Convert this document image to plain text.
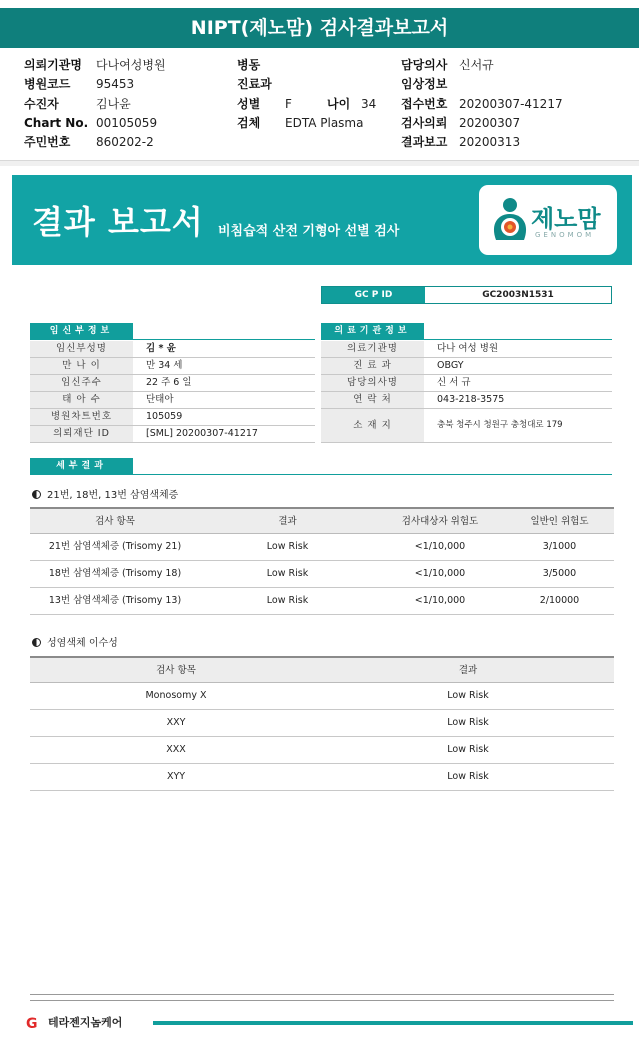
NIPT(제노맘) 검사결과보고서
의뢰기관명 다나여성병원
병원코드 95453
수진자	김나윤
Chart No. 00105059
주민번호 860202-2
병동
진료과
성별 F	나이 34
검체 EDTA Plasma
담당의사 신서규
임상정보
접수번호 20200307-41217
검사의뢰 20200307
결과보고 20200313
결과 보고서 비침습적 산전 기형아 선별 검사	제노맘
GENOMOM
GC P ID	GC2003N1531
임신부정보
임신부성명	김 * 윤
만 나 이	만 34 세
임신주수	22 주 6 일
태 아 수	단태아
병원차트번호	105059
의뢰재단 ID	[SML] 20200307-41217
의료기관정보
의료기관명	다나 여성 병원
진 료 과	OBGY
담당의사명	신 서 규
연 락 처	043-218-3575
소 재 지	충북 청주시 청원구 충청대로 179
세부결과
21번, 18번, 13번 삼염색체증
검사 항목	결과	검사대상자 위험도	일반인 위험도
21번 삼염색체증 (Trisomy 21)	Low Risk	<1/10,000	3/1000
18번 삼염색체증 (Trisomy 18)	Low Risk	<1/10,000	3/5000
13번 삼염색체증 (Trisomy 13)	Low Risk	<1/10,000	2/10000
성염색체 이수성
검사 항목	결과
Monosomy X	Low Risk
XXY	Low Risk
XXX	Low Risk
XYY	Low Risk
G 테라젠지놈케어
